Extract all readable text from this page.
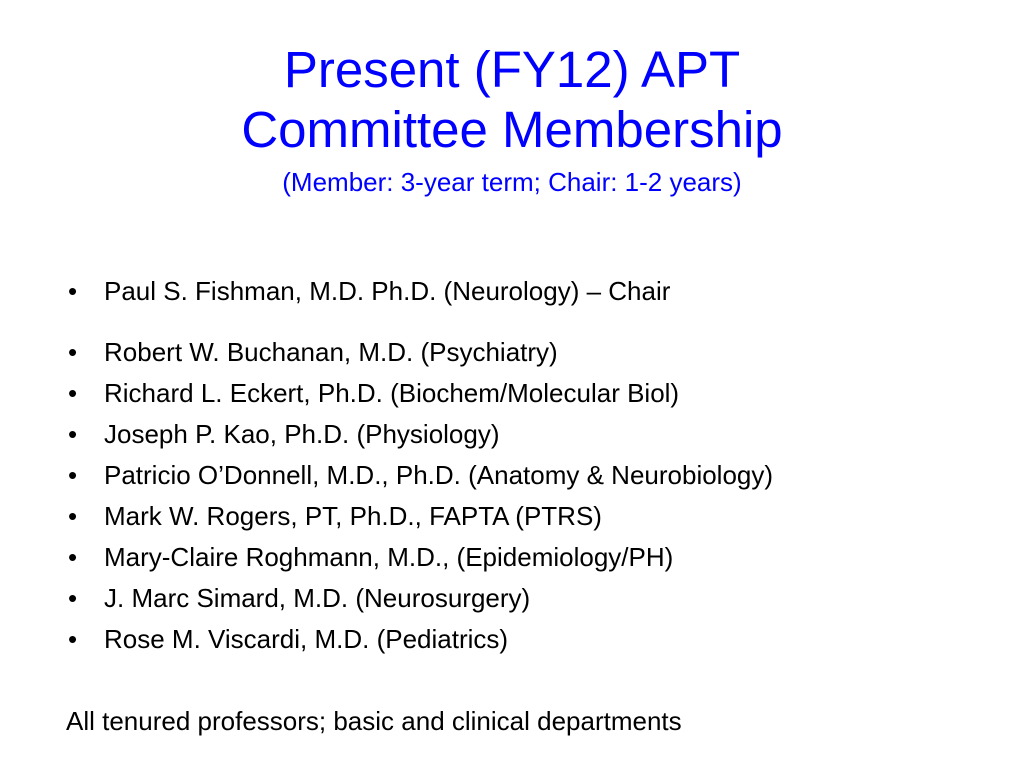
Present (FY12) APT
Committee Membership
(Member: 3-year term; Chair: 1-2 years)
• Paul S. Fishman, M.D. Ph.D. (Neurology) – Chair
• Robert W. Buchanan, M.D. (Psychiatry)
• Richard L. Eckert, Ph.D. (Biochem/Molecular Biol)
• Joseph P. Kao, Ph.D. (Physiology)
• Patricio O’Donnell, M.D., Ph.D. (Anatomy & Neurobiology)
• Mark W. Rogers, PT, Ph.D., FAPTA (PTRS)
• Mary-Claire Roghmann, M.D., (Epidemiology/PH)
• J. Marc Simard, M.D. (Neurosurgery)
• Rose M. Viscardi, M.D. (Pediatrics)
All tenured professors; basic and clinical departments
